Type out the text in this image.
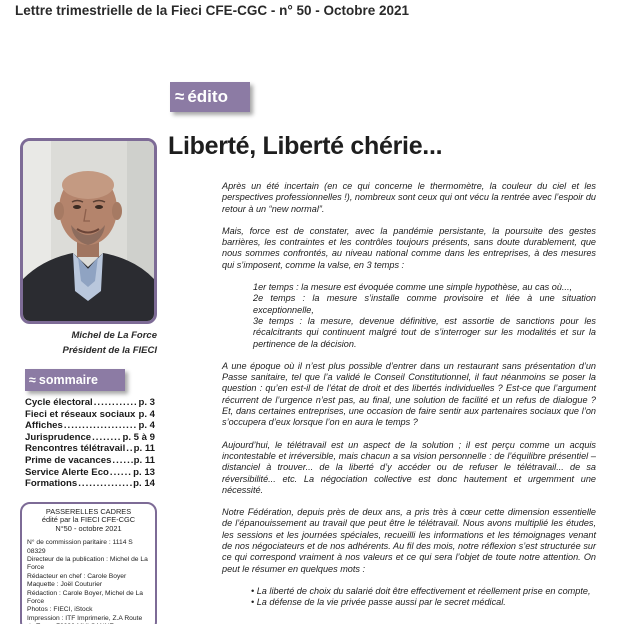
Lettre trimestrielle de la Fieci CFE-CGC - n° 50 - Octobre 2021
≈ édito
Liberté, Liberté chérie...
Michel de La Force
Président de la FIECI
≈ sommaire
Cycle électoral .....	p. 3
Fieci et réseaux sociaux ..... p. 4
Affiches .....	p. 4
Jurisprudence .....	p. 5 à 9
Rencontres télétravail ..... p. 11
Prime de vacances ..... p. 11
Service Alerte Eco .....	p. 13
Formations .....	p. 14
PASSERELLES CADRES
édité par la FIECI CFE-CGC
N°50 - octobre 2021
N° de commission paritaire : 1114 S 08329
Directeur de la publication : Michel de La Force
Rédacteur en chef : Carole Boyer
Maquette : Joël Couturier
Rédaction : Carole Boyer, Michel de La Force
Photos : FIECI, iStock
Impression : ITF Imprimerie, Z.A Route

Après un été incertain (en ce qui concerne le thermomètre, la couleur du ciel et les perspectives professionnelles !), nombreux sont ceux qui ont vécu la rentrée avec l’espoir du retour à un “new normal”.

Mais, force est de constater, avec la pandémie persistante, la poursuite des gestes barrières, les contraintes et les contrôles toujours présents, sans doute durablement, que nous sommes confrontés, au niveau national comme dans les entreprises, à des mesures qui s’imposent, comme la valse, en 3 temps :

1er temps : la mesure est évoquée comme une simple hypothèse, au cas où...,

2e temps : la mesure s’installe comme provisoire et liée à une situation exceptionnelle,

3e temps : la mesure, devenue définitive, est assortie de sanctions pour les récalcitrants qui continuent malgré tout de s’interroger sur les modalités et sur la pertinence de la décision.

A une époque où il n’est plus possible d’entrer dans un restaurant sans présentation d’un Passe sanitaire, tel que l’a validé le Conseil Constitutionnel, il faut néanmoins se poser la question : qu’en est-il de l’état de droit et des libertés individuelles ? Est-ce que l’argument récurrent de l’urgence n’est pas, au final, une solution de facilité et un refus de dialogue ? Et, dans certaines entreprises, une occasion de faire sentir aux partenaires sociaux que l’on s’occupera d’eux lorsque l’on en aura le temps ?

Aujourd’hui, le télétravail est un aspect de la solution ; il est perçu comme un acquis incontestable et irréversible, mais chacun a sa vision personnelle : de l’équilibre présentiel – distanciel à trouver... de la liberté d’y accéder ou de refuser le télétravail... de sa réversibilité... etc. La négociation collective est donc hautement et urgemment une nécessité.

Notre Fédération, depuis près de deux ans, a pris très à cœur cette dimension essentielle de l’épanouissement au travail que peut être le télétravail. Nous avons multiplié les études, les sessions et les journées spéciales, recueilli les informations et les témoignages venant de nos négociateurs et de nos adhérents. Au fil des mois, notre réflexion s’est structurée sur ce qui correspond vraiment à nos valeurs et ce qui sera l’objet de toute notre attention. On peut le résumer en quelques mots :

• La liberté de choix du salarié doit être effectivement et réellement prise en compte,

• La défense de la vie privée passe aussi par le secret médical.
